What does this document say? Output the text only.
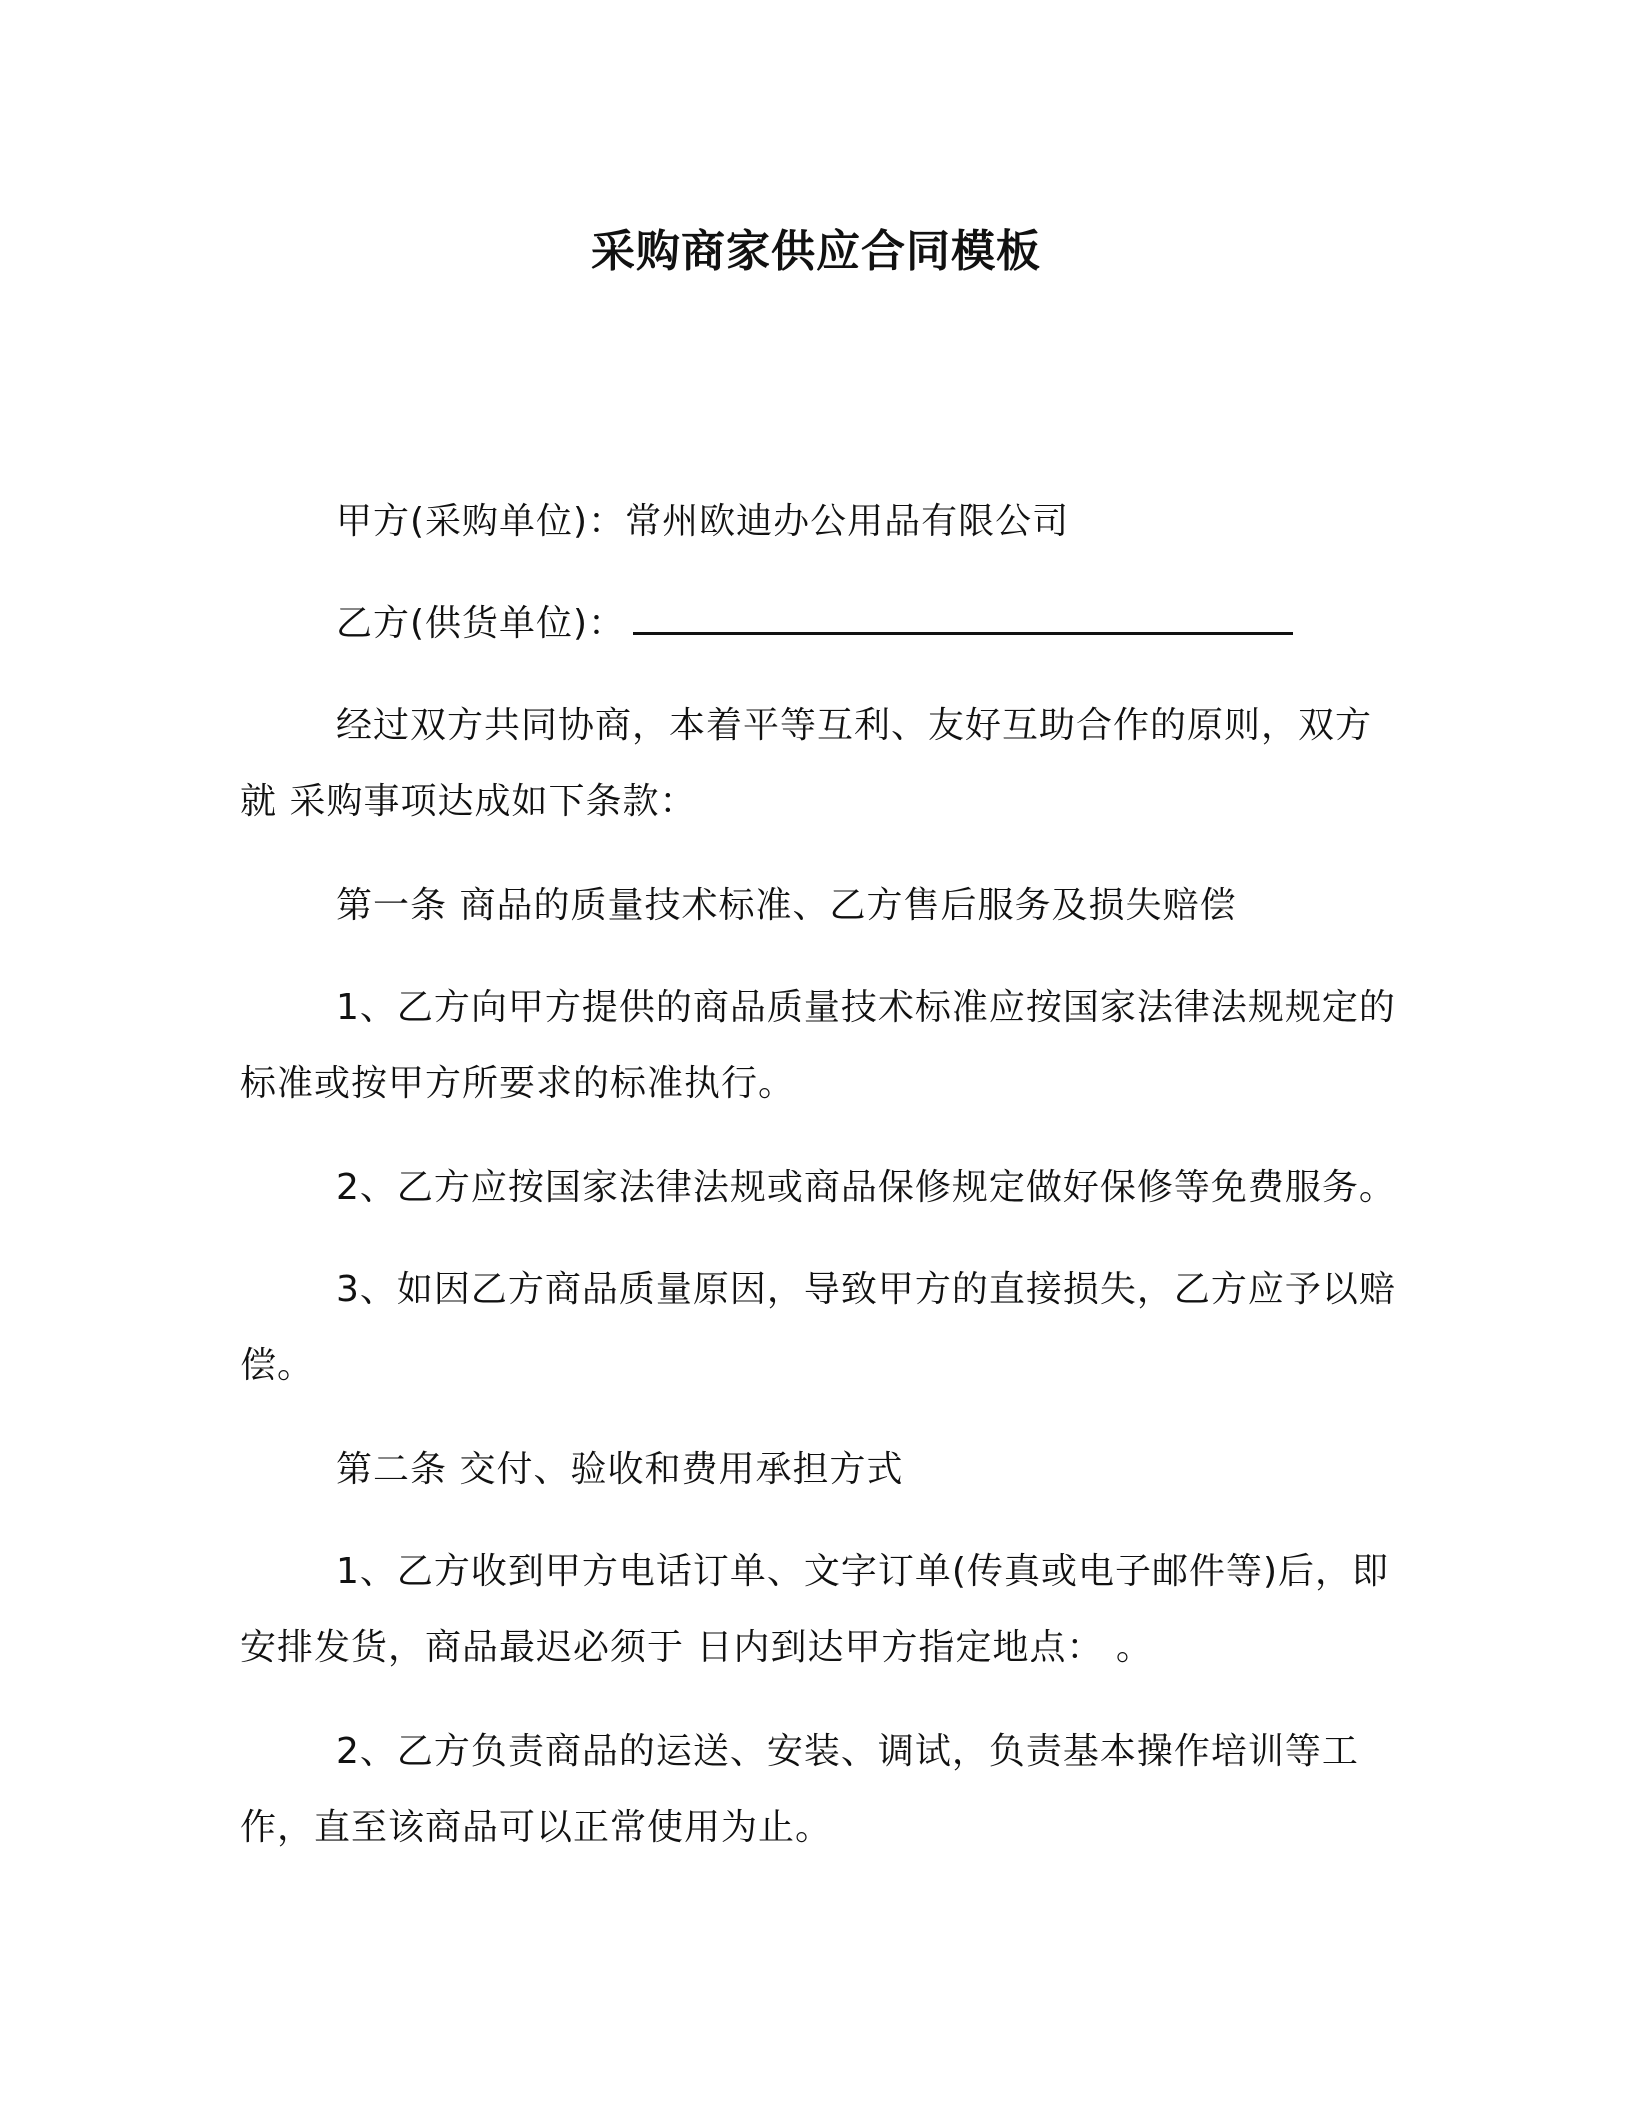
采购商家供应合同模板

甲方(采购单位)：常州欧迪办公用品有限公司

乙方(供货单位)：

经过双方共同协商，本着平等互利、友好互助合作的原则，双方就 采购事项达成如下条款：

第一条 商品的质量技术标准、乙方售后服务及损失赔偿

1、乙方向甲方提供的商品质量技术标准应按国家法律法规规定的标准或按甲方所要求的标准执行。

2、乙方应按国家法律法规或商品保修规定做好保修等免费服务。

3、如因乙方商品质量原因，导致甲方的直接损失，乙方应予以赔偿。

第二条 交付、验收和费用承担方式

1、乙方收到甲方电话订单、文字订单(传真或电子邮件等)后，即安排发货，商品最迟必须于 日内到达甲方指定地点： 。

2、乙方负责商品的运送、安装、调试，负责基本操作培训等工作，直至该商品可以正常使用为止。
